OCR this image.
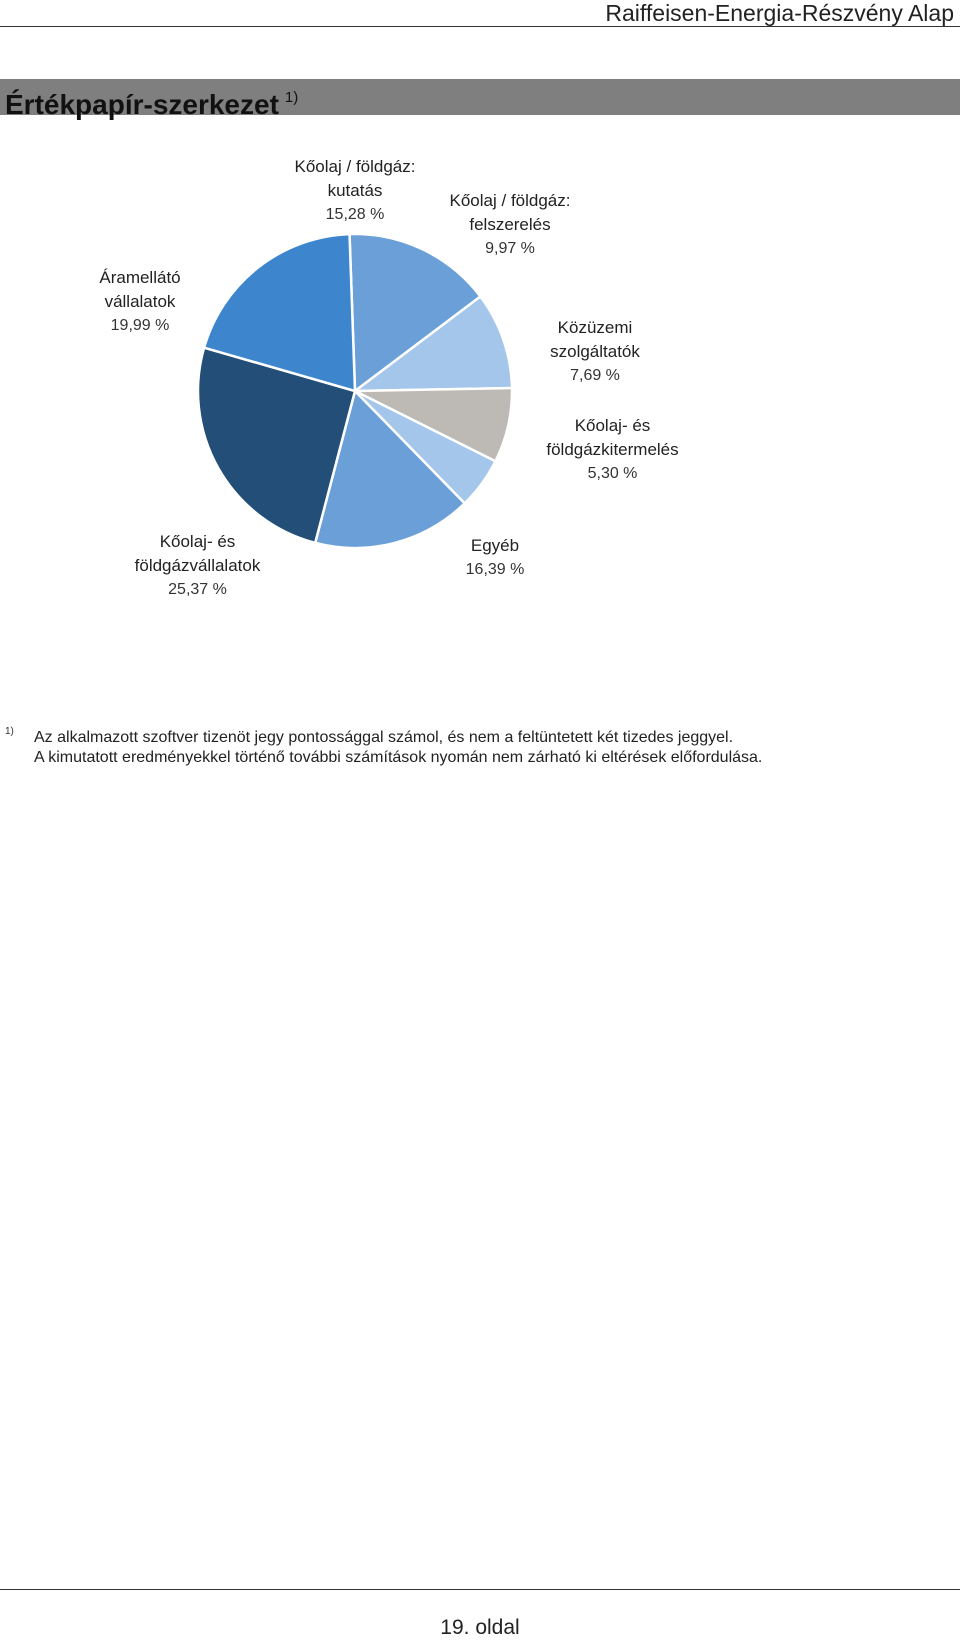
Raiffeisen-Energia-Részvény Alap
Értékpapír-szerkezet $^{1)}$
Kőolaj / földgáz:
kutatás
15,28 %
Kőolaj / földgáz:
felszerelés
9,97 %
Közüzemi
szolgáltatók
7,69 %
Kőolaj- és
földgázkitermelés
5,30 %
Egyéb
16,39 %
Kőolaj- és
földgázvállalatok
25,37 %
Áramellátó
vállalatok
19,99 %
1) Az alkalmazott szoftver tizenöt jegy pontossággal számol, és nem a feltüntetett két tizedes jeggyel.
A kimutatott eredményekkel történő további számítások nyomán nem zárható ki eltérések előfordulása.
19. oldal
